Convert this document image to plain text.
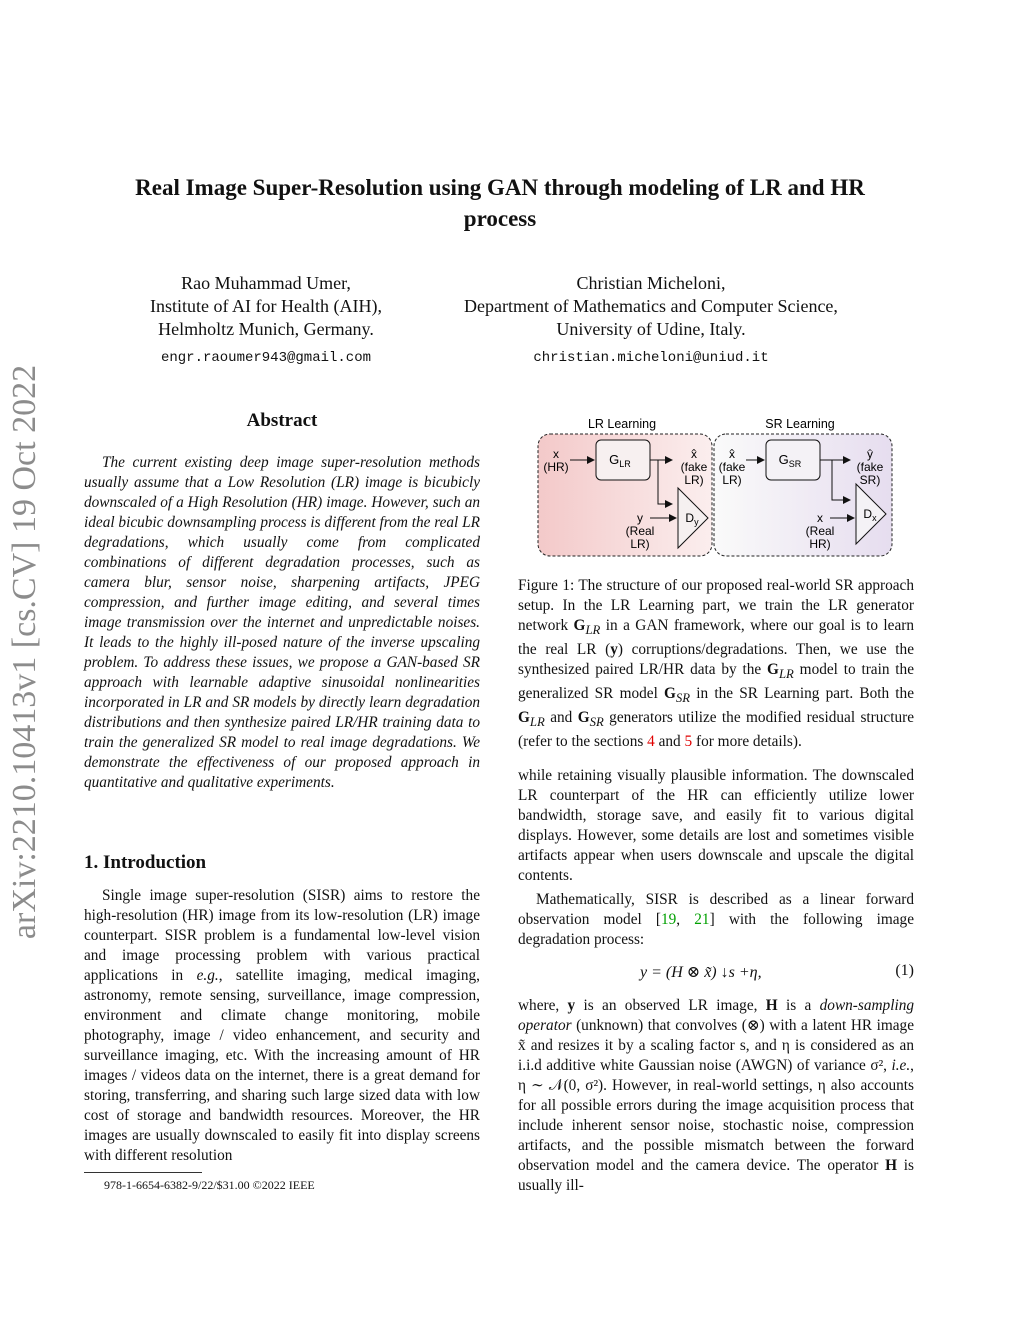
arXiv:2210.10413v1 [cs.CV] 19 Oct 2022
Real Image Super-Resolution using GAN through modeling of LR and HR process
Rao Muhammad Umer,
Institute of AI for Health (AIH),
Helmholtz Munich, Germany.
engr.raoumer943@gmail.com
Christian Micheloni,
Department of Mathematics and Computer Science,
University of Udine, Italy.
christian.micheloni@uniud.it
Abstract

The current existing deep image super-resolution methods usually assume that a Low Resolution (LR) image is bicubicly downscaled of a High Resolution (HR) image. However, such an ideal bicubic downsampling process is different from the real LR degradations, which usually come from complicated combinations of different degradation processes, such as camera blur, sensor noise, sharpening artifacts, JPEG compression, and further image editing, and several times image transmission over the internet and unpredictable noises. It leads to the highly ill-posed nature of the inverse upscaling problem. To address these issues, we propose a GAN-based SR approach with learnable adaptive sinusoidal nonlinearities incorporated in LR and SR models by directly learn degradation distributions and then synthesize paired LR/HR training data to train the generalized SR model to real image degradations. We demonstrate the effectiveness of our proposed approach in quantitative and qualitative experiments.

1. Introduction

Single image super-resolution (SISR) aims to restore the high-resolution (HR) image from its low-resolution (LR) image counterpart. SISR problem is a fundamental low-level vision and image processing problem with various practical applications in e.g., satellite imaging, medical imaging, astronomy, remote sensing, surveillance, image compression, environment and climate change monitoring, mobile photography, image / video enhancement, and security and surveillance imaging, etc. With the increasing amount of HR images / videos data on the internet, there is a great demand for storing, transferring, and sharing such large sized data with low cost of storage and bandwidth resources. Moreover, the HR images are usually downscaled to easily fit into display screens with different resolution

LR Learning	SR Learning
x
(HR)	$G_{LR}$
x̂
(fake
LR)
$D_y$
y
(Real
LR)
x̂
(fake
LR)
$G_{SR}$
ŷ
(fake
SR)
$D_x$
x
(Real
HR)

Figure 1: The structure of our proposed real-world SR approach setup. In the LR Learning part, we train the LR generator network $G_{LR}$ in a GAN framework, where our goal is to learn the real LR (y) corruptions/degradations. Then, we use the synthesized paired LR/HR data by the $G_{LR}$ model to train the generalized SR model $G_{SR}$ in the SR Learning part. Both the $G_{LR}$ and $G_{SR}$ generators utilize the modified residual structure (refer to the sections 4 and 5 for more details).

while retaining visually plausible information. The downscaled LR counterpart of the HR can efficiently utilize lower bandwidth, storage save, and easily fit to various digital displays. However, some details are lost and sometimes visible artifacts appear when users downscale and upscale the digital contents.

Mathematically, SISR is described as a linear forward observation model [19, 21] with the following image degradation process:

y = (H ⊗ x̃) ↓s +η,	(1)

where, y is an observed LR image, H is a down-sampling operator (unknown) that convolves (⊗) with a latent HR image x̃ and resizes it by a scaling factor s, and η is considered as an i.i.d additive white Gaussian noise (AWGN) of variance σ², i.e., η ∼ 𝒩(0, σ²). However, in real-world settings, η also accounts for all possible errors during the image acquisition process that include inherent sensor noise, stochastic noise, compression artifacts, and the possible mismatch between the forward observation model and the camera device. The operator H is usually ill-

978-1-6654-6382-9/22/$31.00 ©2022 IEEE
